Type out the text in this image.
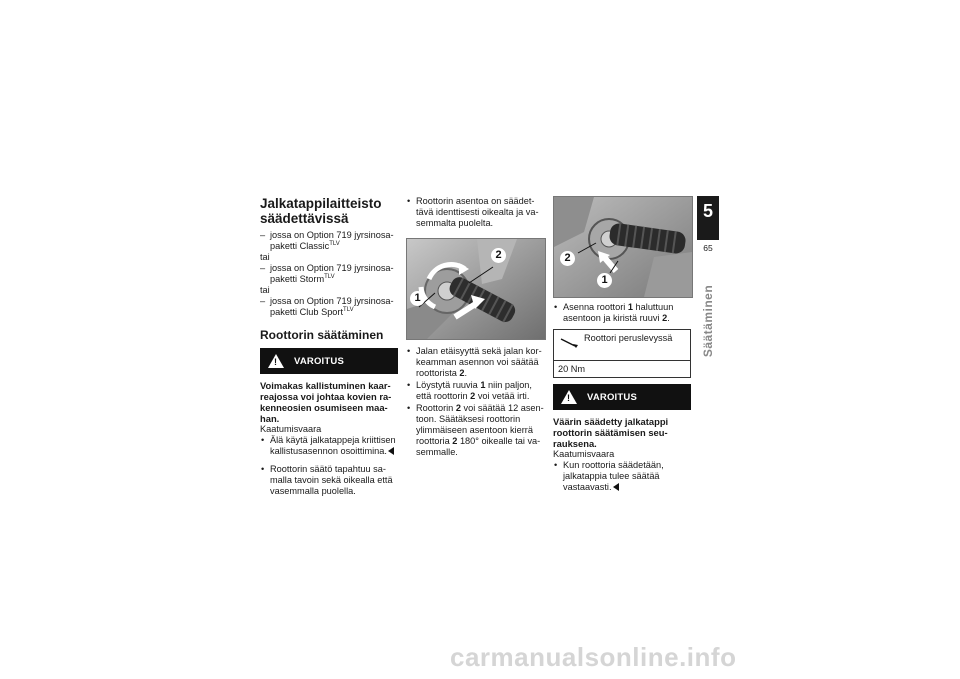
Jalkatappilaitteisto säädettävissä
– jossa on Option 719 jyrsinosa-paketti Classic$^{TLV}$
tai
– jossa on Option 719 jyrsinosa-paketti Storm$^{TLV}$
tai
– jossa on Option 719 jyrsinosa-paketti Club Sport$^{TLV}$
Roottorin säätäminen
!
VAROITUS

Voimakas kallistuminen kaar-reajossa voi johtaa kovien ra-kenneosien osumiseen maa-han.

Kaatumisvaara

• Älä käytä jalkatappeja kriittisen kallistusasennon osoittimina.
• Roottorin säätö tapahtuu sa-malla tavoin sekä oikealla että vasemmalla puolella.
• Roottorin asentoa on säädet-tävä identtisesti oikealta ja va-semmalta puolelta.
1
2
• Jalan etäisyyttä sekä jalan kor-keamman asennon voi säätää roottorista 2.
• Löystytä ruuvia 1 niin paljon, että roottorin 2 voi vetää irti.
• Roottorin 2 voi säätää 12 asen-toon. Säätäksesi roottorin ylimmäiseen asentoon kierrä roottoria 2 180° oikealle tai va-semmalle.
2
1
• Asenna roottori 1 haluttuun asentoon ja kiristä ruuvi 2.
Roottori peruslevyssä
20 Nm
!
VAROITUS

Väärin säädetty jalkatappi roottorin säätämisen seu-rauksena.

Kaatumisvaara

• Kun roottoria säädetään, jalkatappia tulee säätää vastaavasti.
5
65
Säätäminen
carmanualsonline.info
